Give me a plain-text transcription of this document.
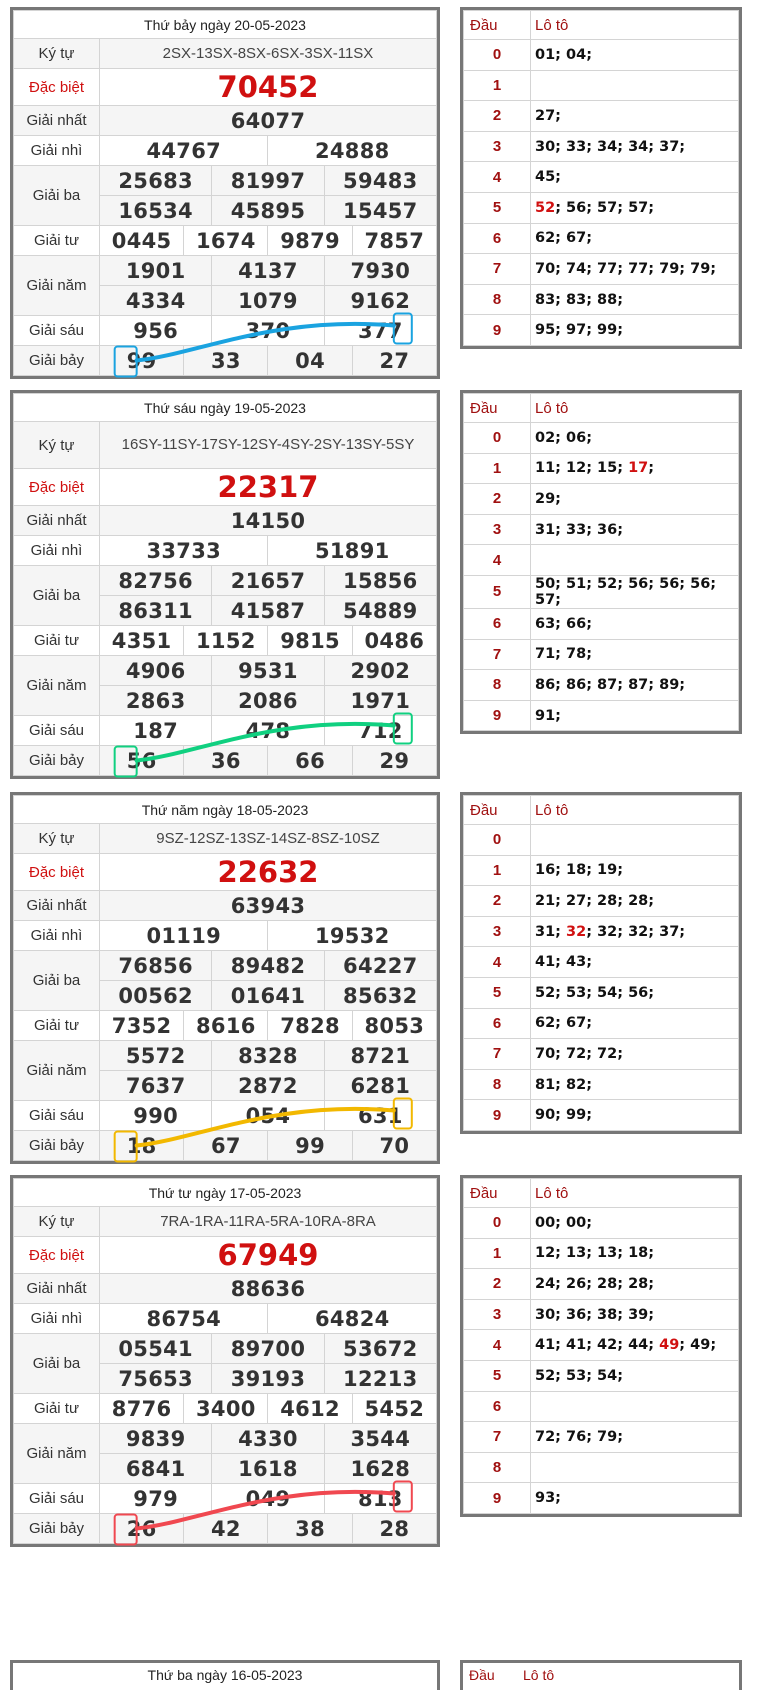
Thứ bảy ngày 20-05-2023						
Ký tự	2SX-13SX-8SX-6SX-3SX-11SX					
Đặc biệt	70452					
Giải nhất	64077					
Giải nhì	44767			24888		
Giải ba	25683		81997		59483	
	16534		45895		15457	
Giải tư	0445	1674		9879		7857
Giải năm	1901		4137		7930	
	4334		1079		9162	
Giải sáu	956		370		377	
Giải bảy	99	33		04		27
Đầu	Lô tô
0	01; 04;
1	
2	27;
3	30; 33; 34; 34; 37;
4	45;
5	52; 56; 57; 57;
6	62; 67;
7	70; 74; 77; 77; 79; 79;
8	83; 83; 88;
9	95; 97; 99;
Thứ sáu ngày 19-05-2023						
Ký tự	16SY-11SY-17SY-12SY-4SY-2SY-13SY-5SY					
Đặc biệt	22317					
Giải nhất	14150					
Giải nhì	33733			51891		
Giải ba	82756		21657		15856	
	86311		41587		54889	
Giải tư	4351	1152		9815		0486
Giải năm	4906		9531		2902	
	2863		2086		1971	
Giải sáu	187		478		712	
Giải bảy	56	36		66		29
Đầu	Lô tô
0	02; 06;
1	11; 12; 15; 17;
2	29;
3	31; 33; 36;
4	
5	50; 51; 52; 56; 56; 56; 57;
6	63; 66;
7	71; 78;
8	86; 86; 87; 87; 89;
9	91;
Thứ năm ngày 18-05-2023						
Ký tự	9SZ-12SZ-13SZ-14SZ-8SZ-10SZ					
Đặc biệt	22632					
Giải nhất	63943					
Giải nhì	01119			19532		
Giải ba	76856		89482		64227	
	00562		01641		85632	
Giải tư	7352	8616		7828		8053
Giải năm	5572		8328		8721	
	7637		2872		6281	
Giải sáu	990		054		631	
Giải bảy	18	67		99		70
Đầu	Lô tô
0	
1	16; 18; 19;
2	21; 27; 28; 28;
3	31; 32; 32; 32; 37;
4	41; 43;
5	52; 53; 54; 56;
6	62; 67;
7	70; 72; 72;
8	81; 82;
9	90; 99;
Thứ tư ngày 17-05-2023						
Ký tự	7RA-1RA-11RA-5RA-10RA-8RA					
Đặc biệt	67949					
Giải nhất	88636					
Giải nhì	86754			64824		
Giải ba	05541		89700		53672	
	75653		39193		12213	
Giải tư	8776	3400		4612		5452
Giải năm	9839		4330		3544	
	6841		1618		1628	
Giải sáu	979		049		813	
Giải bảy	26	42		38		28
Đầu	Lô tô
0	00; 00;
1	12; 13; 13; 18;
2	24; 26; 28; 28;
3	30; 36; 38; 39;
4	41; 41; 42; 44; 49; 49;
5	52; 53; 54;
6	
7	72; 76; 79;
8	
9	93;
Thứ ba ngày 16-05-2023	Đầu Lô tô
